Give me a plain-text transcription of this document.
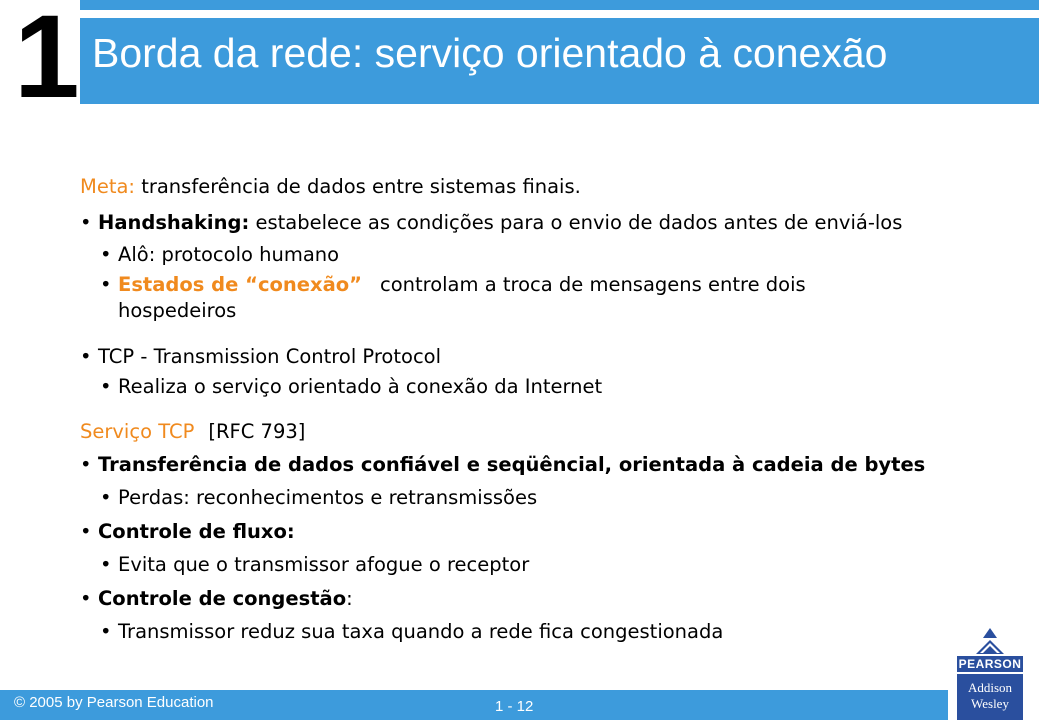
1 Borda da rede: serviço orientado à conexão
Meta: transferência de dados entre sistemas finais.
• Handshaking: estabelece as condições para o envio de dados antes de enviá-los
• Alô: protocolo humano
• Estados de “conexão” controlam a troca de mensagens entre dois
hospedeiros
• TCP - Transmission Control Protocol
• Realiza o serviço orientado à conexão da Internet
Serviço TCP [RFC 793]
• Transferência de dados confiável e seqüêncial, orientada à cadeia de bytes
• Perdas: reconhecimentos e retransmissões
• Controle de fluxo:
• Evita que o transmissor afogue o receptor
• Controle de congestão:
• Transmissor reduz sua taxa quando a rede fica congestionada
© 2005 by Pearson Education	1 - 12
PEARSON
Addison
Wesley
